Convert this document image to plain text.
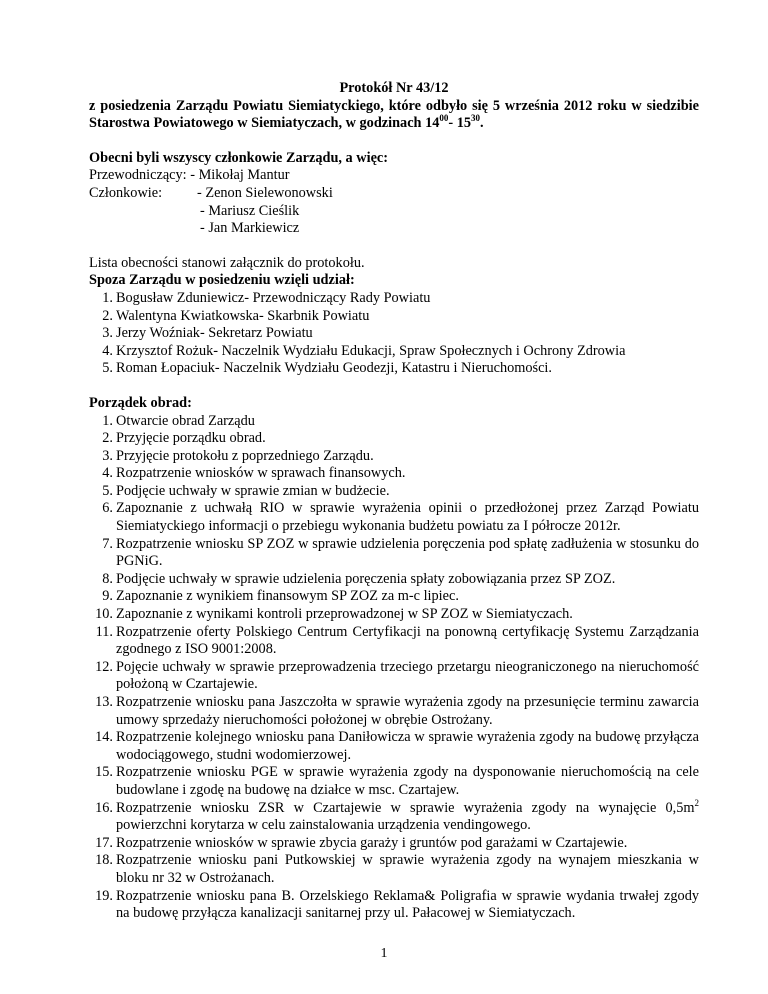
Protokół Nr 43/12

z posiedzenia Zarządu Powiatu Siemiatyckiego, które odbyło się 5 września 2012 roku w siedzibie Starostwa Powiatowego w Siemiatyczach, w godzinach $14^{00}-$ $15^{30}$.

Obecni byli wszyscy członkowie Zarządu, a więc:

Przewodniczący: - Mikołaj Mantur

Członkowie: - Zenon Sielewonowski

- Mariusz Cieślik

- Jan Markiewicz

Lista obecności stanowi załącznik do protokołu.

Spoza Zarządu w posiedzeniu wzięli udział:

1. Bogusław Zduniewicz- Przewodniczący Rady Powiatu
2. Walentyna Kwiatkowska- Skarbnik Powiatu
3. Jerzy Woźniak- Sekretarz Powiatu
4. Krzysztof Rożuk- Naczelnik Wydziału Edukacji, Spraw Społecznych i Ochrony Zdrowia
5. Roman Łopaciuk- Naczelnik Wydziału Geodezji, Katastru i Nieruchomości.

Porządek obrad:

1. Otwarcie obrad Zarządu
2. Przyjęcie porządku obrad.
3. Przyjęcie protokołu z poprzedniego Zarządu.
4. Rozpatrzenie wniosków w sprawach finansowych.
5. Podjęcie uchwały w sprawie zmian w budżecie.
6. Zapoznanie z uchwałą RIO w sprawie wyrażenia opinii o przedłożonej przez Zarząd Powiatu Siemiatyckiego informacji o przebiegu wykonania budżetu powiatu za I półrocze 2012r.
7. Rozpatrzenie wniosku SP ZOZ w sprawie udzielenia poręczenia pod spłatę zadłużenia w stosunku do PGNiG.
8. Podjęcie uchwały w sprawie udzielenia poręczenia spłaty zobowiązania przez SP ZOZ.
9. Zapoznanie z wynikiem finansowym SP ZOZ za m-c lipiec.
10. Zapoznanie z wynikami kontroli przeprowadzonej w SP ZOZ w Siemiatyczach.
11. Rozpatrzenie oferty Polskiego Centrum Certyfikacji na ponowną certyfikację Systemu Zarządzania zgodnego z ISO 9001:2008.
12. Pojęcie uchwały w sprawie przeprowadzenia trzeciego przetargu nieograniczonego na nieruchomość położoną w Czartajewie.
13. Rozpatrzenie wniosku pana Jaszczołta w sprawie wyrażenia zgody na przesunięcie terminu zawarcia umowy sprzedaży nieruchomości położonej w obrębie Ostrożany.
14. Rozpatrzenie kolejnego wniosku pana Daniłowicza w sprawie wyrażenia zgody na budowę przyłącza wodociągowego, studni wodomierzowej.
15. Rozpatrzenie wniosku PGE w sprawie wyrażenia zgody na dysponowanie nieruchomością na cele budowlane i zgodę na budowę na działce w msc. Czartajew.
16. Rozpatrzenie wniosku ZSR w Czartajewie w sprawie wyrażenia zgody na wynajęcie $0,5m^2$ powierzchni korytarza w celu zainstalowania urządzenia vendingowego.
17. Rozpatrzenie wniosków w sprawie zbycia garaży i gruntów pod garażami w Czartajewie.
18. Rozpatrzenie wniosku pani Putkowskiej w sprawie wyrażenia zgody na wynajem mieszkania w bloku nr 32 w Ostrożanach.
19. Rozpatrzenie wniosku pana B. Orzelskiego Reklama& Poligrafia w sprawie wydania trwałej zgody na budowę przyłącza kanalizacji sanitarnej przy ul. Pałacowej w Siemiatyczach.
1
